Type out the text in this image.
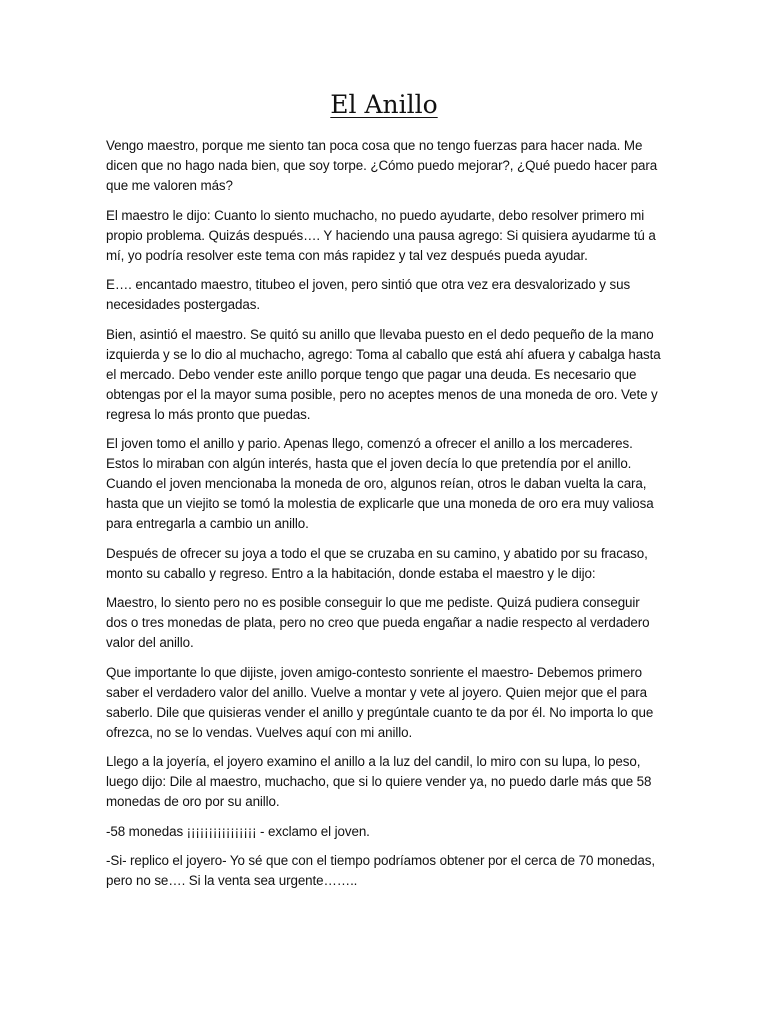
El Anillo

Vengo maestro, porque me siento tan poca cosa que no tengo fuerzas para hacer nada. Me dicen que no hago nada bien, que soy torpe. ¿Cómo puedo mejorar?, ¿Qué puedo hacer para que me valoren más?

El maestro le dijo: Cuanto lo siento muchacho, no puedo ayudarte, debo resolver primero mi propio problema. Quizás después…. Y haciendo una pausa agrego: Si quisiera ayudarme tú a mí, yo podría resolver este tema con más rapidez y tal vez después pueda ayudar.

E…. encantado maestro, titubeo el joven, pero sintió que otra vez era desvalorizado y sus necesidades postergadas.

Bien, asintió el maestro. Se quitó su anillo que llevaba puesto en el dedo pequeño de la mano izquierda y se lo dio al muchacho, agrego: Toma al caballo que está ahí afuera y cabalga hasta el mercado. Debo vender este anillo porque tengo que pagar una deuda. Es necesario que obtengas por el la mayor suma posible, pero no aceptes menos de una moneda de oro. Vete y regresa lo más pronto que puedas.

El joven tomo el anillo y pario. Apenas llego, comenzó a ofrecer el anillo a los mercaderes. Estos lo miraban con algún interés, hasta que el joven decía lo que pretendía por el anillo. Cuando el joven mencionaba la moneda de oro, algunos reían, otros le daban vuelta la cara, hasta que un viejito se tomó la molestia de explicarle que una moneda de oro era muy valiosa para entregarla a cambio un anillo.

Después de ofrecer su joya a todo el que se cruzaba en su camino, y abatido por su fracaso, monto su caballo y regreso. Entro a la habitación, donde estaba el maestro y le dijo:

Maestro, lo siento pero no es posible conseguir lo que me pediste. Quizá pudiera conseguir dos o tres monedas de plata, pero no creo que pueda engañar a nadie respecto al verdadero valor del anillo.

Que importante lo que dijiste, joven amigo-contesto sonriente el maestro- Debemos primero saber el verdadero valor del anillo. Vuelve a montar y vete al joyero. Quien mejor que el para saberlo. Dile que quisieras vender el anillo y pregúntale cuanto te da por él. No importa lo que ofrezca, no se lo vendas. Vuelves aquí con mi anillo.

Llego a la joyería, el joyero examino el anillo a la luz del candil, lo miro con su lupa, lo peso, luego dijo: Dile al maestro, muchacho, que si lo quiere vender ya, no puedo darle más que 58 monedas de oro por su anillo.

-58 monedas ¡¡¡¡¡¡¡¡¡¡¡¡¡¡¡¡ - exclamo el joven.

-Si- replico el joyero- Yo sé que con el tiempo podríamos obtener por el cerca de 70 monedas, pero no se…. Si la venta sea urgente……..
